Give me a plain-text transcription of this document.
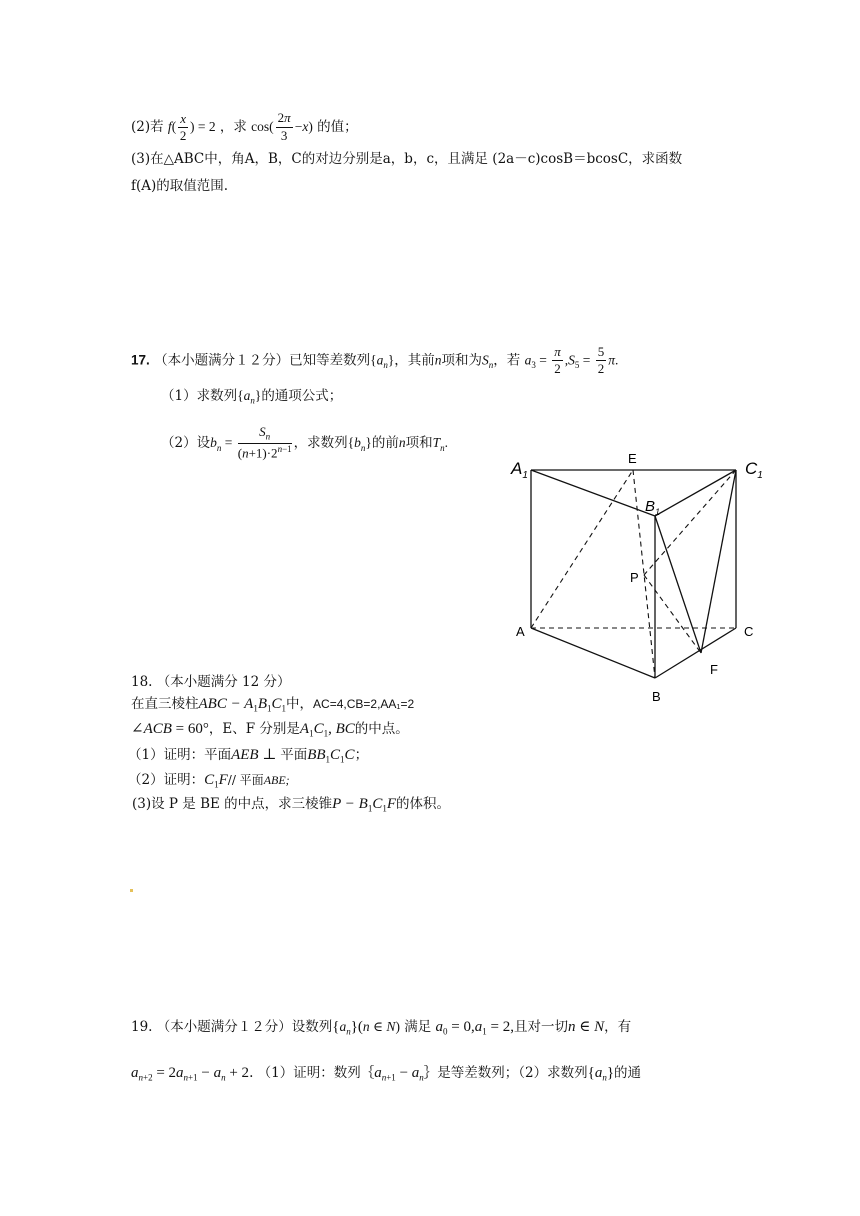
(2)若 $f( \frac{x}{2}$ ) = 2 ，求 $\cos( \frac{2\pi}{3} -x)$ 的值；
(3)在△ABC中，角A，B，C的对边分别是a，b，c，且满足 (2a－c)cosB＝bcosC，求函数
f(A)的取值范围.
17. （本小题满分１２分）已知等差数列$\{a_n\}$，其前n项和为$S_n$，若 $a_3 = \frac{\pi}{2} ,S_5 = \frac{5}{2} \pi$.
（1）求数列$\{a_n\}$的通项公式；
（2）设$b_n = \frac{S_n}{(n+1)\cdot 2^{n-1}}$ ，求数列$\{b_n\}$的前n项和$T_n$.
$A_1$
E
$C_1$
$B_1$
P
A	C
F
B
18. （本小题满分 12 分）
在直三棱柱ABC − $A_1B_1C_1$中，AC=4,CB=2,AA₁=2
∠ACB = 60°，E、F 分别是$A_1C_1$, BC的中点。
（1）证明：平面AEB ⊥ 平面$BB_1C_1C$；
（2）证明：$C_1F//$ 平面ABE;
(3)设 P 是 BE 的中点，求三棱锥$P - B_1C_1F$的体积。
19. （本小题满分１２分）设数列$\{a_n\}(n$ ∈ N) 满足 $a_0 = 0,a_1 = 2$,且对一切n ∈ N，有
$a_{n+2} = 2a_{n+1} - a_n + 2$. （1）证明：数列$\{a_{n+1}$ − $a_n\}$是等差数列；（2）求数列$\{a_n\}$的通
